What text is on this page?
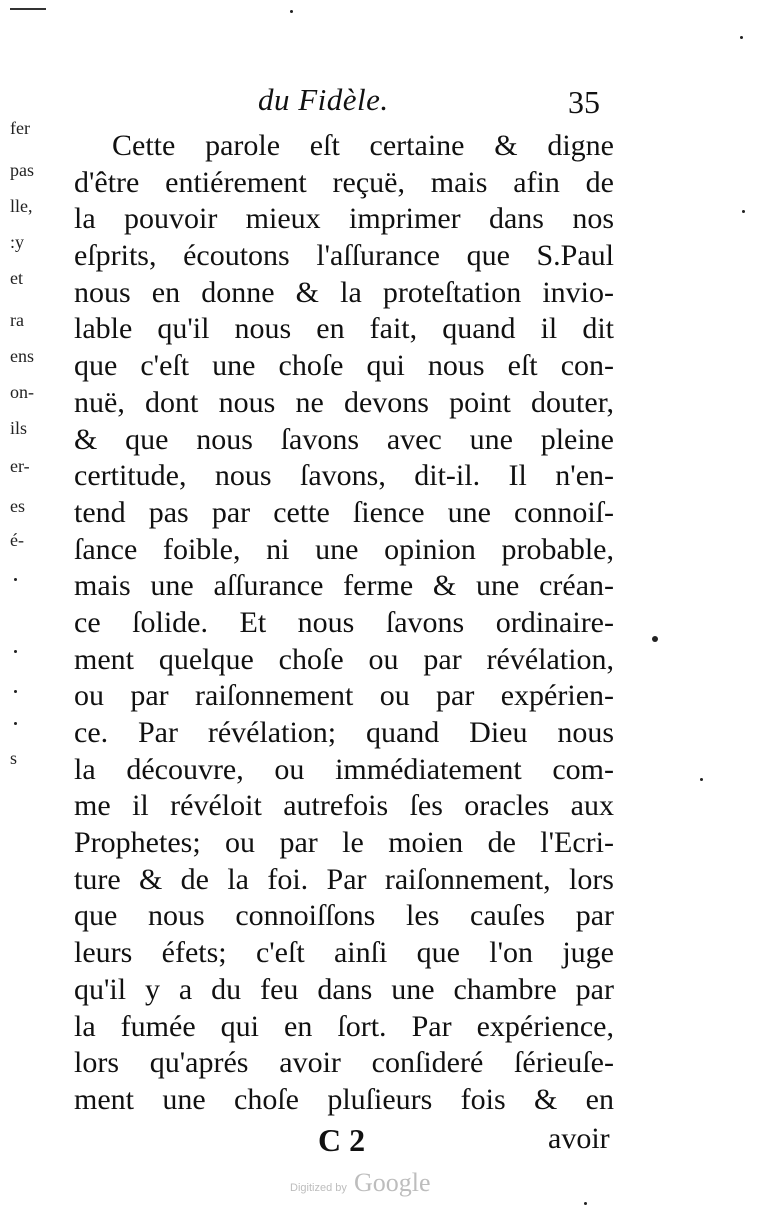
fer
pas
lle,
:y
et
ra
ens
on-
ils
er-
es
é-
s
du Fidèle.	35
Cette parole eſt certaine & digne
d'être entiérement reçuë, mais afin de
la pouvoir mieux imprimer dans nos
eſprits, écoutons l'aſſurance que S.Paul
nous en donne & la proteſtation invio-
lable qu'il nous en fait, quand il dit
que c'eſt une choſe qui nous eſt con-
nuë, dont nous ne devons point douter,
& que nous ſavons avec une pleine
certitude, nous ſavons, dit-il. Il n'en-
tend pas par cette ſience une connoiſ-
ſance foible, ni une opinion probable,
mais une aſſurance ferme & une créan-
ce ſolide. Et nous ſavons ordinaire-
ment quelque choſe ou par révélation,
ou par raiſonnement ou par expérien-
ce. Par révélation; quand Dieu nous
la découvre, ou immédiatement com-
me il révéloit autrefois ſes oracles aux
Prophetes; ou par le moien de l'Ecri-
ture & de la foi. Par raiſonnement, lors
que nous connoiſſons les cauſes par
leurs éfets; c'eſt ainſi que l'on juge
qu'il y a du feu dans une chambre par
la fumée qui en ſort. Par expérience,
lors qu'aprés avoir conſideré ſérieuſe-
ment une choſe pluſieurs fois & en
C 2	avoir
Digitized by Google
